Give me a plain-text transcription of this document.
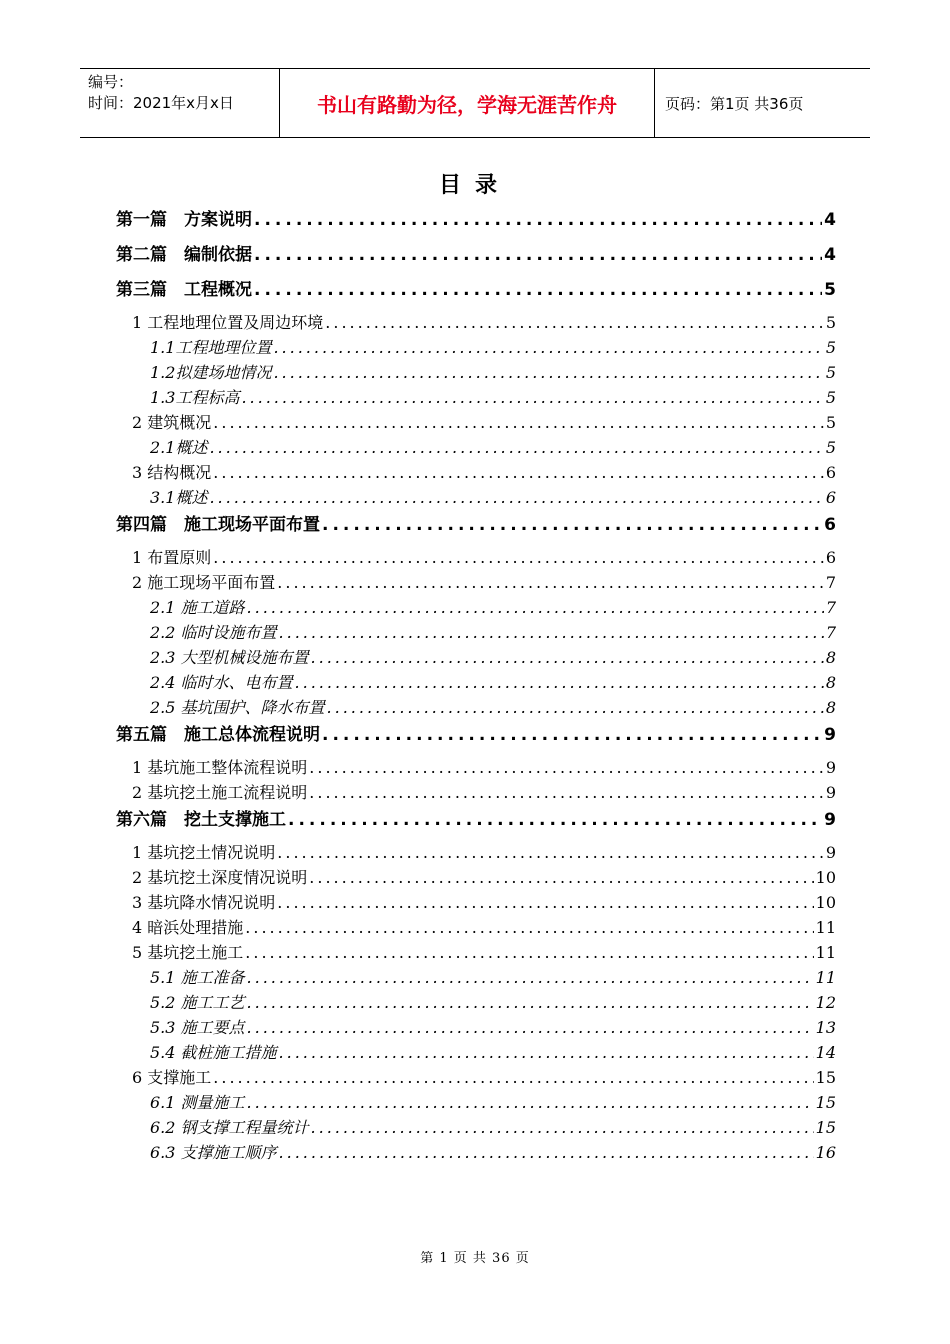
编号：
时间：2021年x月x日	书山有路勤为径，学海无涯苦作舟	页码：第1页 共36页
目录
第一篇　方案说明 .....	4
第二篇　编制依据 .....	4
第三篇　工程概况 .....	5
1 工程地理位置及周边环境 .....	5
1.1工程地理位置 .....	5
1.2拟建场地情况 .....	5
1.3工程标高 .....	5
2 建筑概况 .....	5
2.1概述 .....	5
3 结构概况 .....	6
3.1概述 .....	6
第四篇　施工现场平面布置 .....	6
1 布置原则 .....	6
2 施工现场平面布置 .....	7
2.1 施工道路 .....	7
2.2 临时设施布置 .....	7
2.3 大型机械设施布置 .....	8
2.4 临时水、电布置 .....	8
2.5 基坑围护、降水布置 .....	8
第五篇　施工总体流程说明 .....	9
1 基坑施工整体流程说明 .....	9
2 基坑挖土施工流程说明 .....	9
第六篇　挖土支撑施工 .....	9
1 基坑挖土情况说明 .....	9
2 基坑挖土深度情况说明 .....	10
3 基坑降水情况说明 .....	10
4 暗浜处理措施 .....	11
5 基坑挖土施工 .....	11
5.1 施工准备 .....	11
5.2 施工工艺 .....	12
5.3 施工要点 .....	13
5.4 截桩施工措施 .....	14
6 支撑施工 .....	15
6.1 测量施工 .....	15
6.2 钢支撑工程量统计 .....	15
6.3 支撑施工顺序 .....	16
第 1 页 共 36 页
